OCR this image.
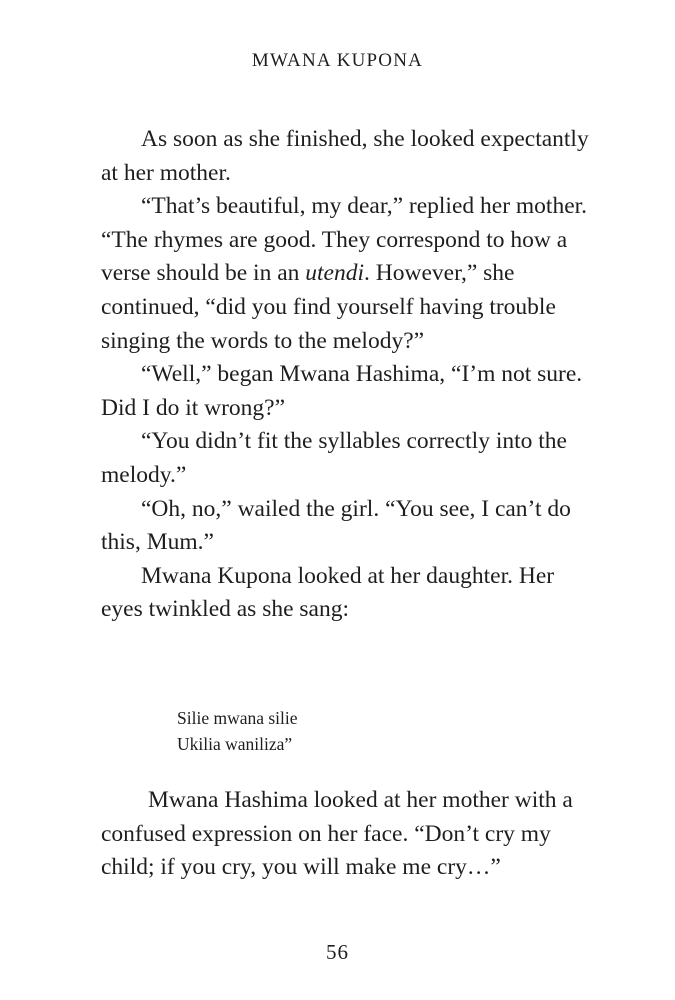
MWANA KUPONA

As soon as she finished, she looked expectantly at her mother.

“That’s beautiful, my dear,” replied her mother. “The rhymes are good. They correspond to how a verse should be in an utendi. However,” she continued, “did you find yourself having trouble singing the words to the melody?”

“Well,” began Mwana Hashima, “I’m not sure. Did I do it wrong?”

“You didn’t fit the syllables correctly into the melody.”

“Oh, no,” wailed the girl. “You see, I can’t do this, Mum.”

Mwana Kupona looked at her daughter. Her eyes twinkled as she sang:

Silie mwana silie
Ukilia waniliza”

Mwana Hashima looked at her mother with a confused expression on her face. “Don’t cry my child; if you cry, you will make me cry…”

56
